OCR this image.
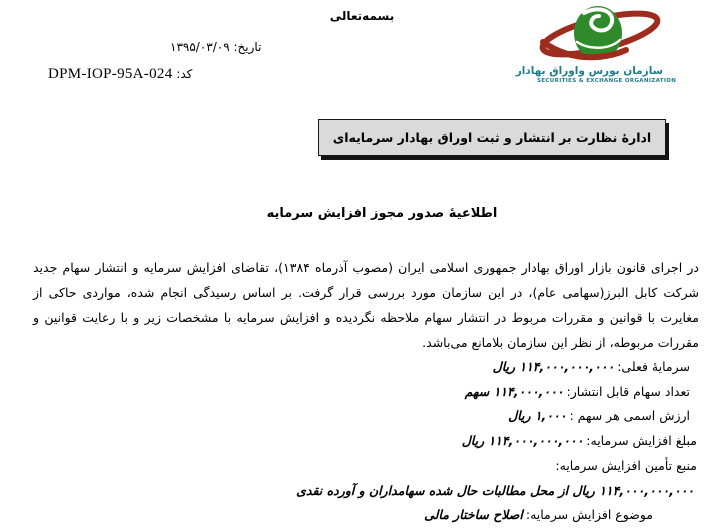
بسمه‌تعالی
تاریخ: ۱۳۹۵/۰۳/۰۹
کد: DPM-IOP-95A-024	سازمان بورس واوراق بهادار
SECURITIES & EXCHANGE ORGANIZATION
ادارهٔ نظارت بر انتشار و ثبت اوراق بهادار سرمایه‌ای
اطلاعیهٔ صدور مجوز افزایش سرمایه
در اجرای قانون بازار اوراق بهادار جمهوری اسلامی ایران (مصوب آذرماه ۱۳۸۴)، تقاضای افزایش سرمایه و انتشار سهام جدید شرکت کابل البرز(سهامی عام)، در این سازمان مورد بررسی قرار گرفت. بر اساس رسیدگی انجام شده، مواردی حاکی از مغایرت با قوانین و مقررات مربوط در انتشار سهام ملاحظه نگردیده و افزایش سرمایه با مشخصات زیر و با رعایت قوانین و مقررات مربوطه، از نظر این سازمان بلامانع می‌باشد.
سرمایهٔ فعلی:۱۱۴,۰۰۰,۰۰۰,۰۰۰ ریال
تعداد سهام قابل انتشار:۱۱۴,۰۰۰,۰۰۰ سهم
ارزش اسمی هر سهم :۱,۰۰۰ ریال
مبلغ افزایش سرمایه:۱۱۴,۰۰۰,۰۰۰,۰۰۰ ریال
منبع تأمین افزایش سرمایه:
۱۱۴,۰۰۰,۰۰۰,۰۰۰ ریال از محل مطالبات حال شده سهامداران و آورده نقدی
موضوع افزایش سرمایه:اصلاح ساختار مالی
